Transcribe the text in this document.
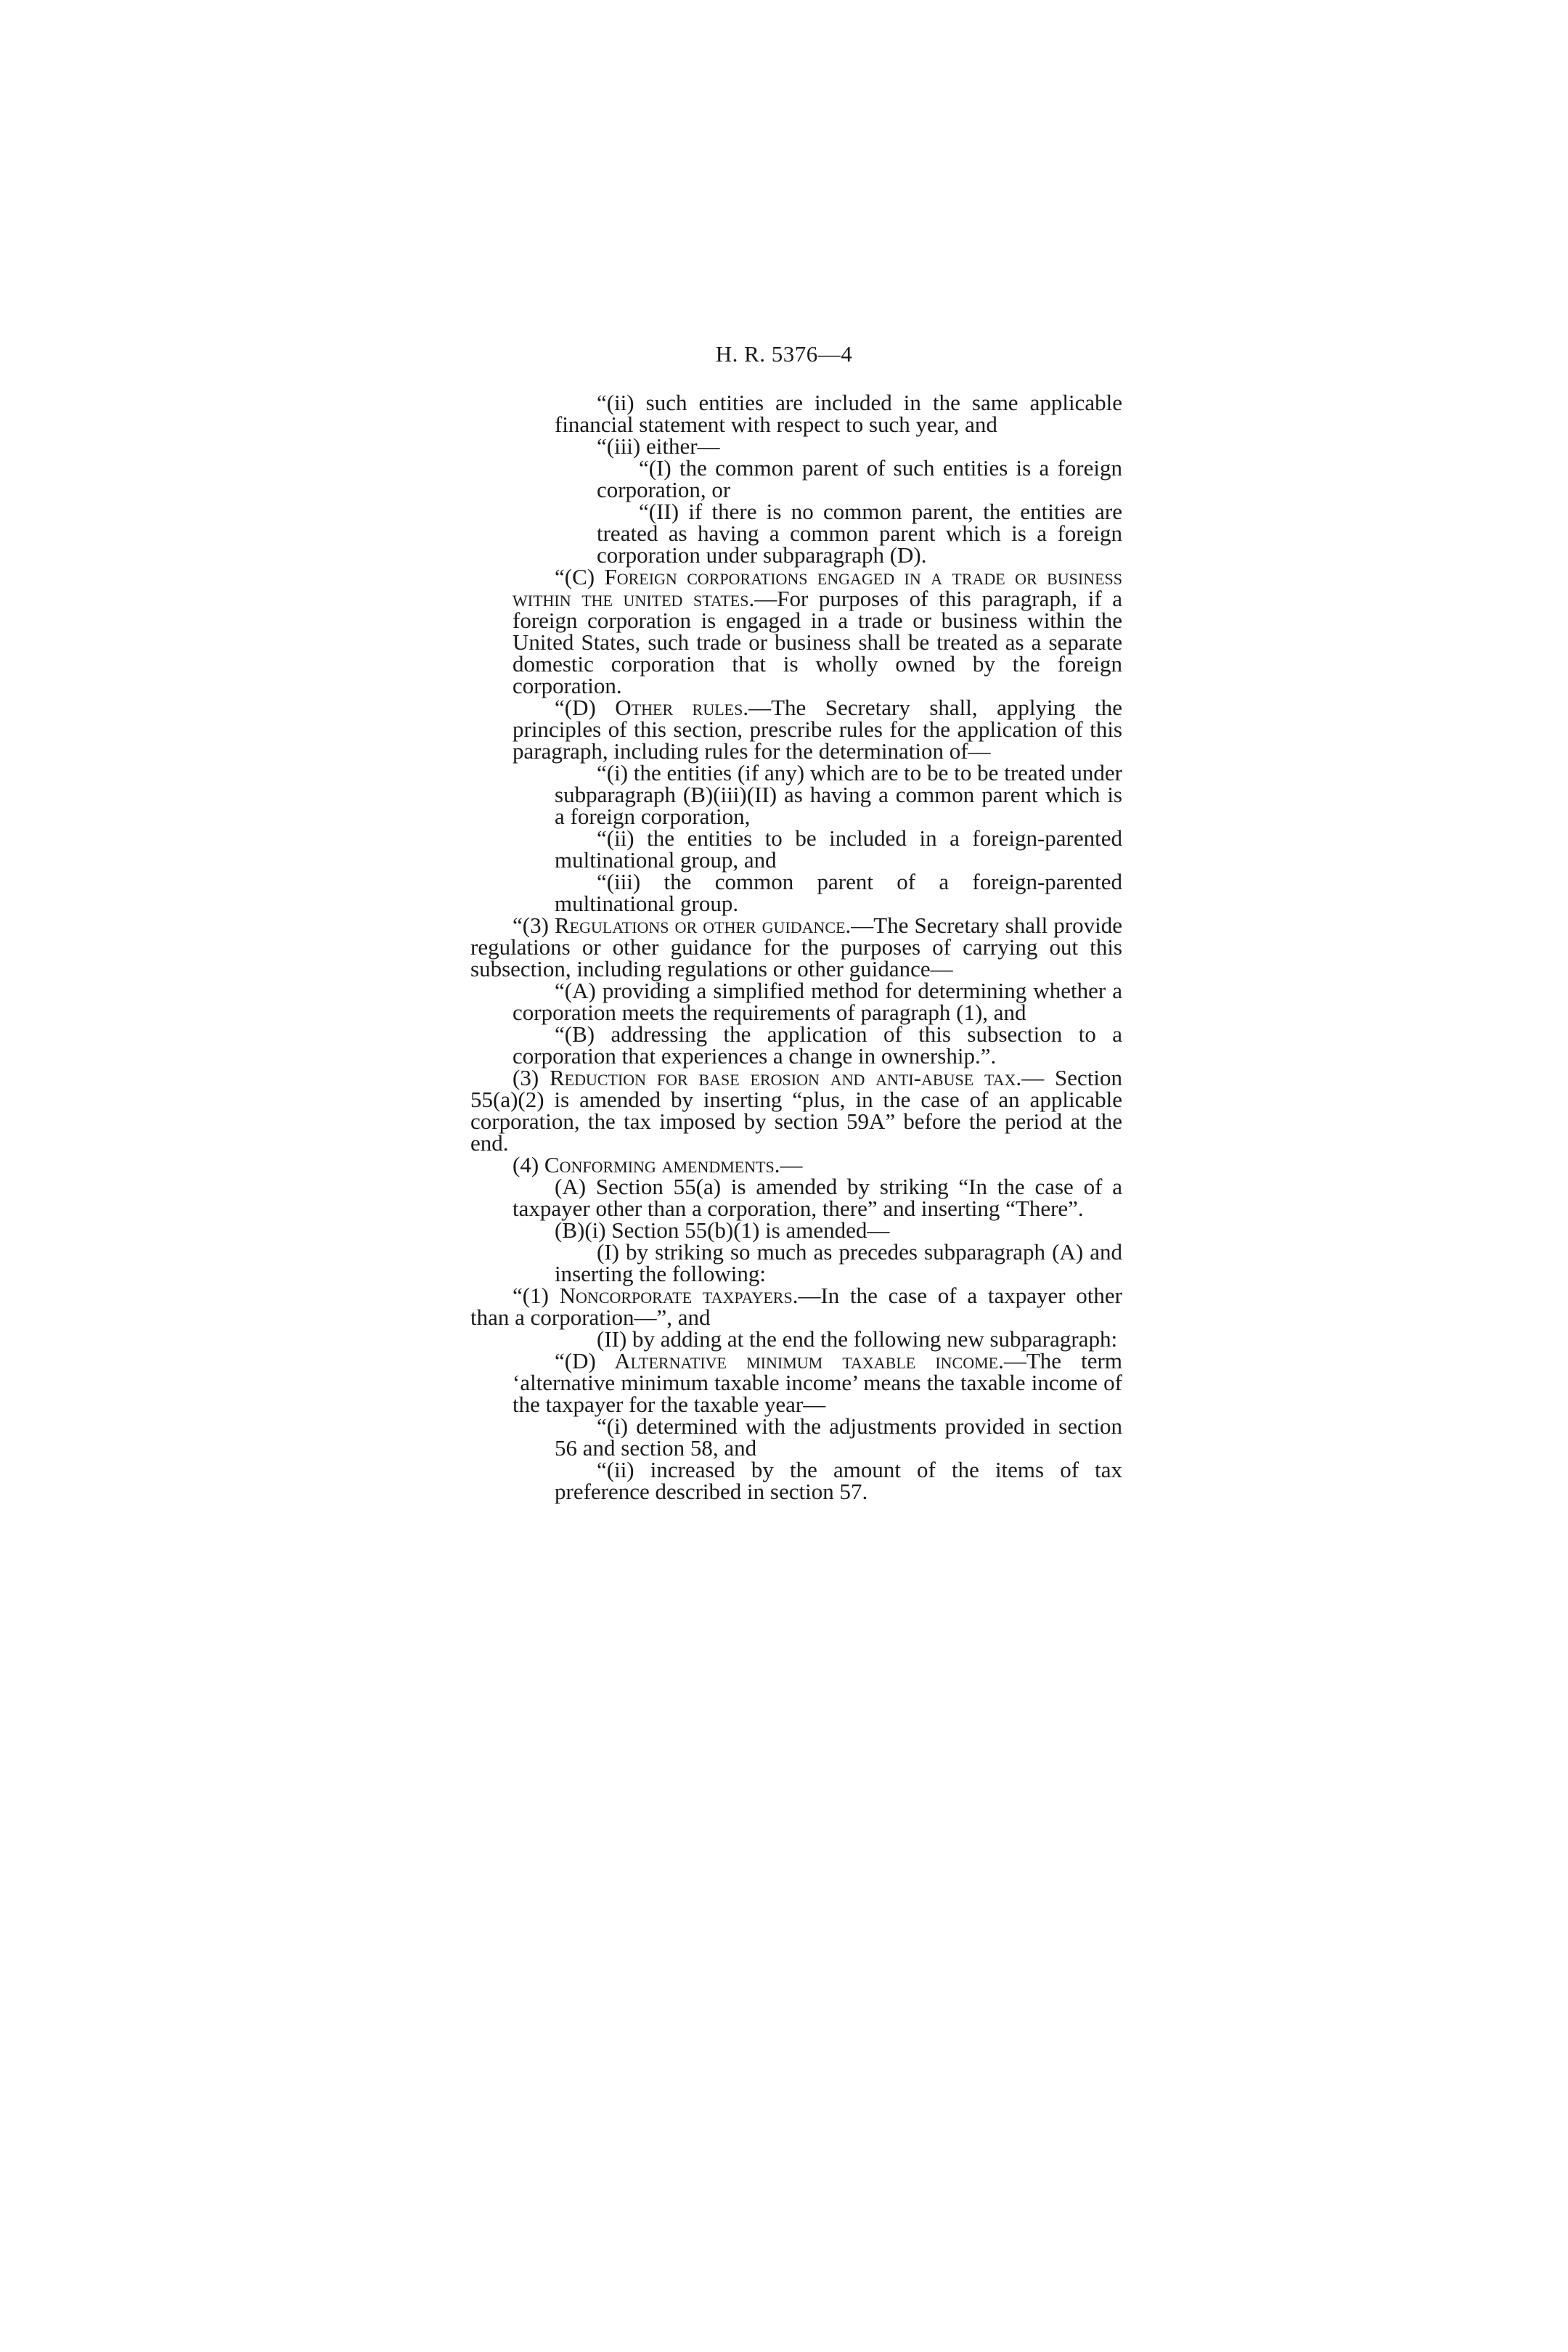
H. R. 5376—4
“(ii) such entities are included in the same applicable financial statement with respect to such year, and
“(iii) either—
“(I) the common parent of such entities is a foreign corporation, or
“(II) if there is no common parent, the entities are treated as having a common parent which is a foreign corporation under subparagraph (D).
“(C) Foreign corporations engaged in a trade or business within the united states.—For purposes of this paragraph, if a foreign corporation is engaged in a trade or business within the United States, such trade or business shall be treated as a separate domestic corporation that is wholly owned by the foreign corporation.
“(D) Other rules.—The Secretary shall, applying the principles of this section, prescribe rules for the application of this paragraph, including rules for the determination of—
“(i) the entities (if any) which are to be to be treated under subparagraph (B)(iii)(II) as having a common parent which is a foreign corporation,
“(ii) the entities to be included in a foreign-parented multinational group, and
“(iii) the common parent of a foreign-parented multinational group.
“(3) Regulations or other guidance.—The Secretary shall provide regulations or other guidance for the purposes of carrying out this subsection, including regulations or other guidance—
“(A) providing a simplified method for determining whether a corporation meets the requirements of paragraph (1), and
“(B) addressing the application of this subsection to a corporation that experiences a change in ownership.”.
(3) Reduction for base erosion and anti-abuse tax.— Section 55(a)(2) is amended by inserting “plus, in the case of an applicable corporation, the tax imposed by section 59A” before the period at the end.
(4) Conforming amendments.—
(A) Section 55(a) is amended by striking “In the case of a taxpayer other than a corporation, there” and inserting “There”.
(B)(i) Section 55(b)(1) is amended—
(I) by striking so much as precedes subparagraph (A) and inserting the following:
“(1) Noncorporate taxpayers.—In the case of a taxpayer other than a corporation—”, and
(II) by adding at the end the following new subparagraph:
“(D) Alternative minimum taxable income.—The term ‘alternative minimum taxable income’ means the taxable income of the taxpayer for the taxable year—
“(i) determined with the adjustments provided in section 56 and section 58, and
“(ii) increased by the amount of the items of tax preference described in section 57.
